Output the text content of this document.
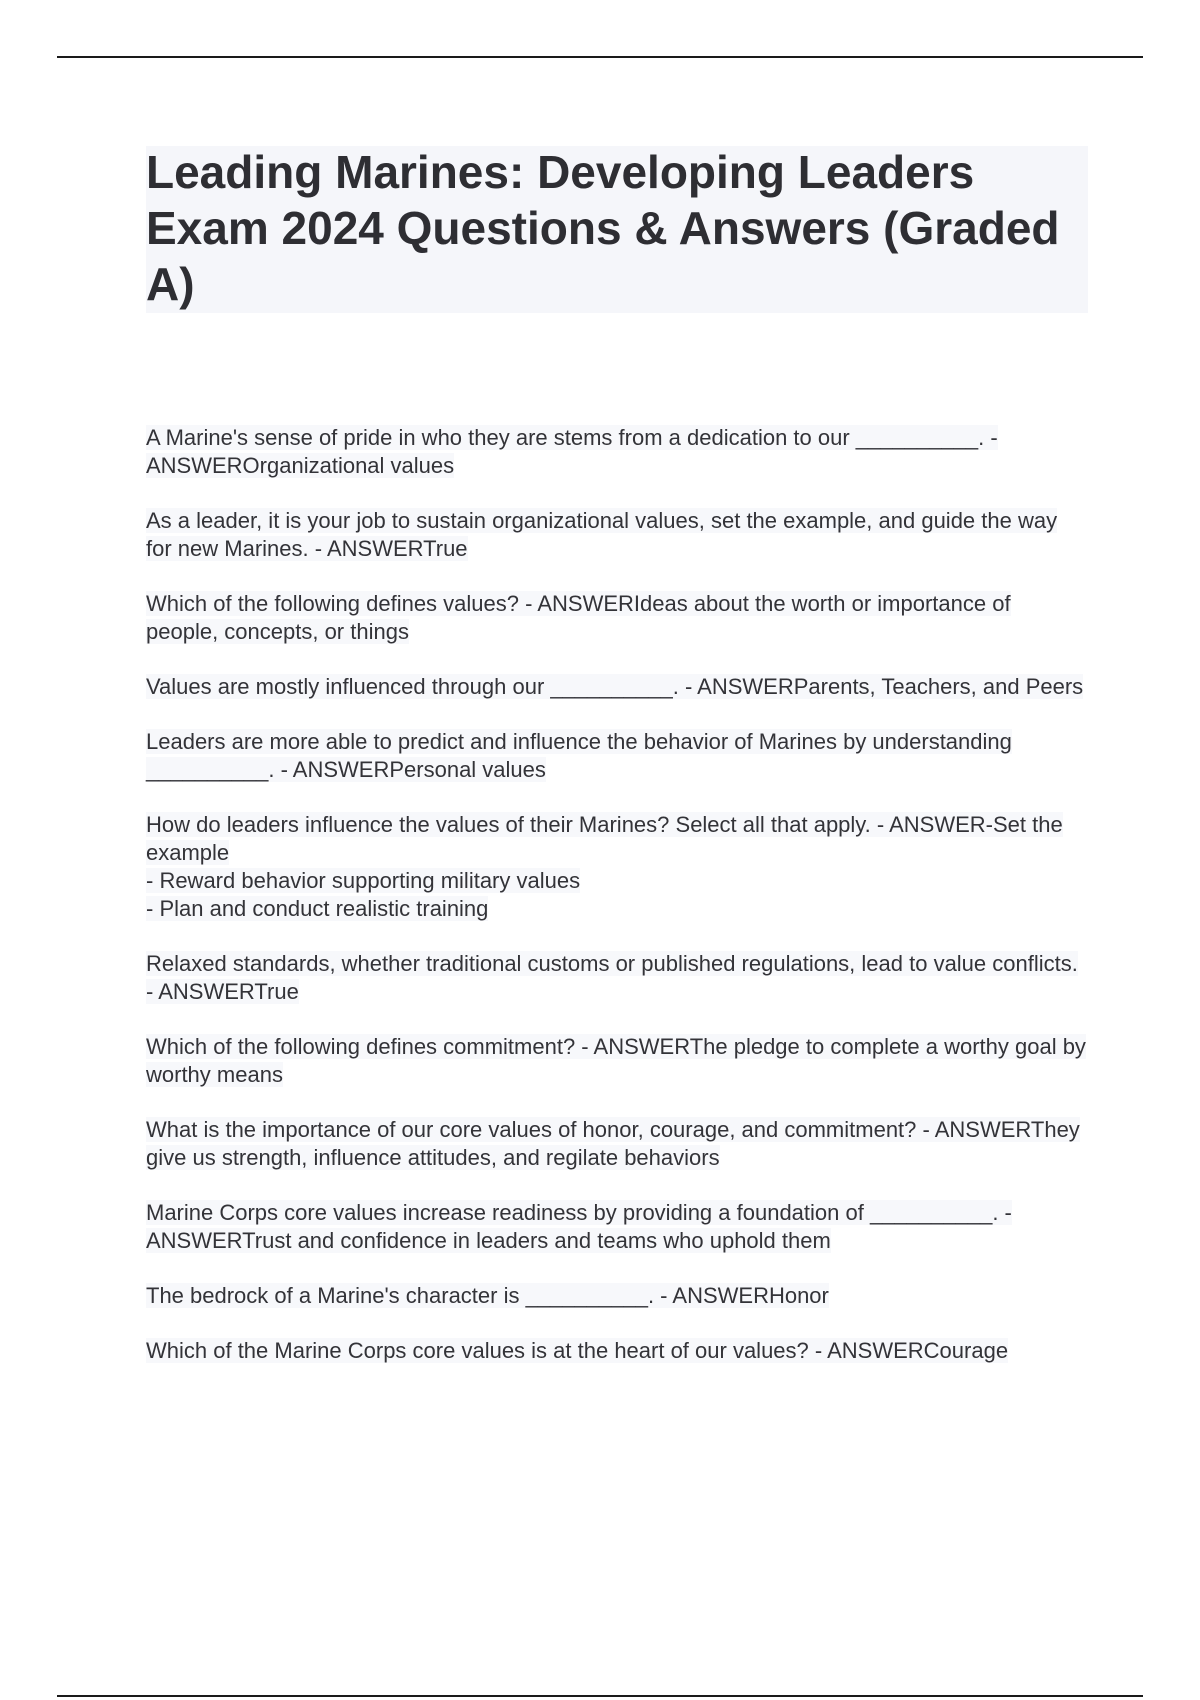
Leading Marines: Developing Leaders Exam 2024 Questions & Answers (Graded A)
A Marine's sense of pride in who they are stems from a dedication to our __________. - ANSWEROrganizational values
As a leader, it is your job to sustain organizational values, set the example, and guide the way for new Marines. - ANSWERTrue
Which of the following defines values? - ANSWERIdeas about the worth or importance of people, concepts, or things
Values are mostly influenced through our __________. - ANSWERParents, Teachers, and Peers
Leaders are more able to predict and influence the behavior of Marines by understanding __________. - ANSWERPersonal values
How do leaders influence the values of their Marines? Select all that apply. - ANSWER-Set the example
- Reward behavior supporting military values
- Plan and conduct realistic training
Relaxed standards, whether traditional customs or published regulations, lead to value conflicts. - ANSWERTrue
Which of the following defines commitment? - ANSWERThe pledge to complete a worthy goal by worthy means
What is the importance of our core values of honor, courage, and commitment? - ANSWERThey give us strength, influence attitudes, and regilate behaviors
Marine Corps core values increase readiness by providing a foundation of __________. - ANSWERTrust and confidence in leaders and teams who uphold them
The bedrock of a Marine's character is __________. - ANSWERHonor
Which of the Marine Corps core values is at the heart of our values? - ANSWERCourage
